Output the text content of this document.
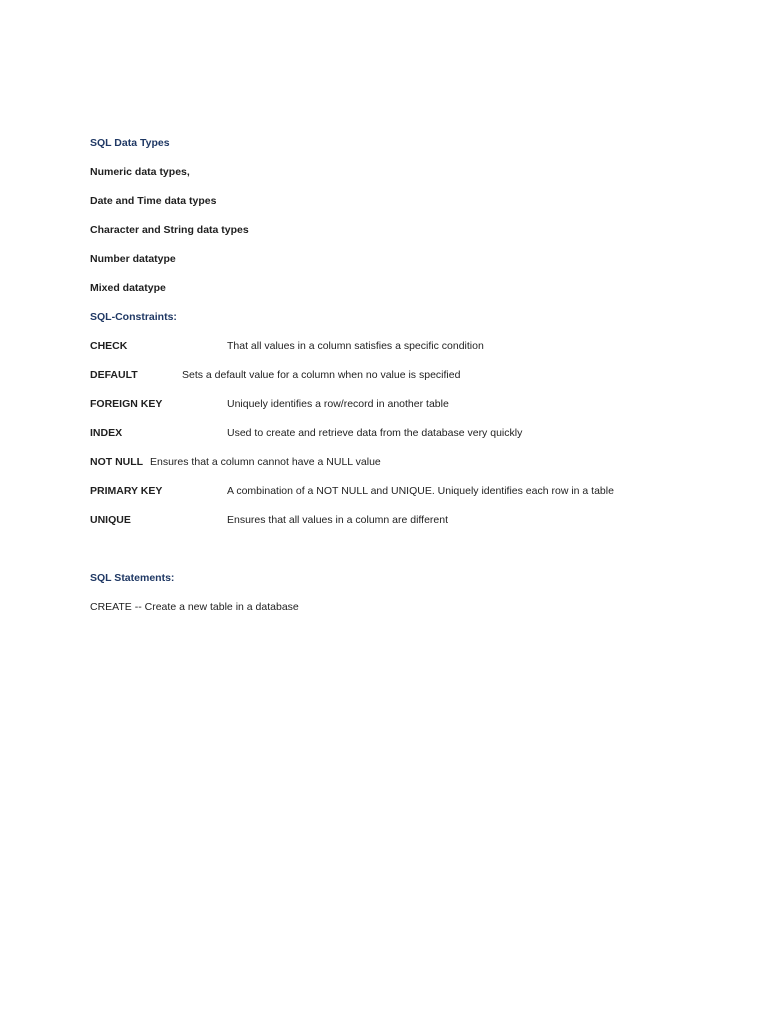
SQL Data Types
Numeric data types,
Date and Time data types
Character and String data types
Number datatype
Mixed datatype
SQL-Constraints:
CHECK	That all values in a column satisfies a specific condition
DEFAULT	Sets a default value for a column when no value is specified
FOREIGN KEY	Uniquely identifies a row/record in another table
INDEX	Used to create and retrieve data from the database very quickly
NOT NULL Ensures that a column cannot have a NULL value
PRIMARY KEY	A combination of a NOT NULL and UNIQUE. Uniquely identifies each row in a table
UNIQUE	Ensures that all values in a column are different
SQL Statements:
CREATE -- Create a new table in a database
